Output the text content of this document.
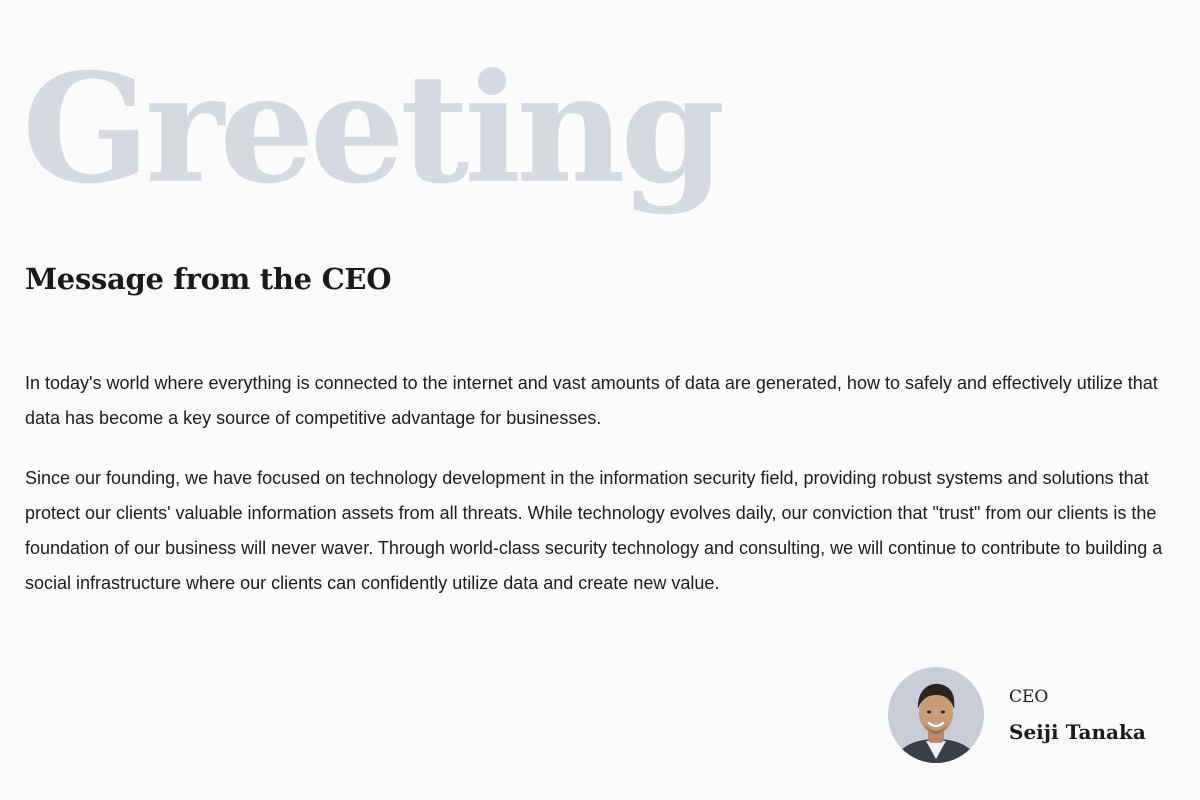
Greeting
Message from the CEO

In today's world where everything is connected to the internet and vast amounts of data are generated, how to safely and effectively utilize that data has become a key source of competitive advantage for businesses.

Since our founding, we have focused on technology development in the information security field, providing robust systems and solutions that protect our clients' valuable information assets from all threats. While technology evolves daily, our conviction that "trust" from our clients is the foundation of our business will never waver. Through world-class security technology and consulting, we will continue to contribute to building a social infrastructure where our clients can confidently utilize data and create new value.

CEO
Seiji Tanaka
